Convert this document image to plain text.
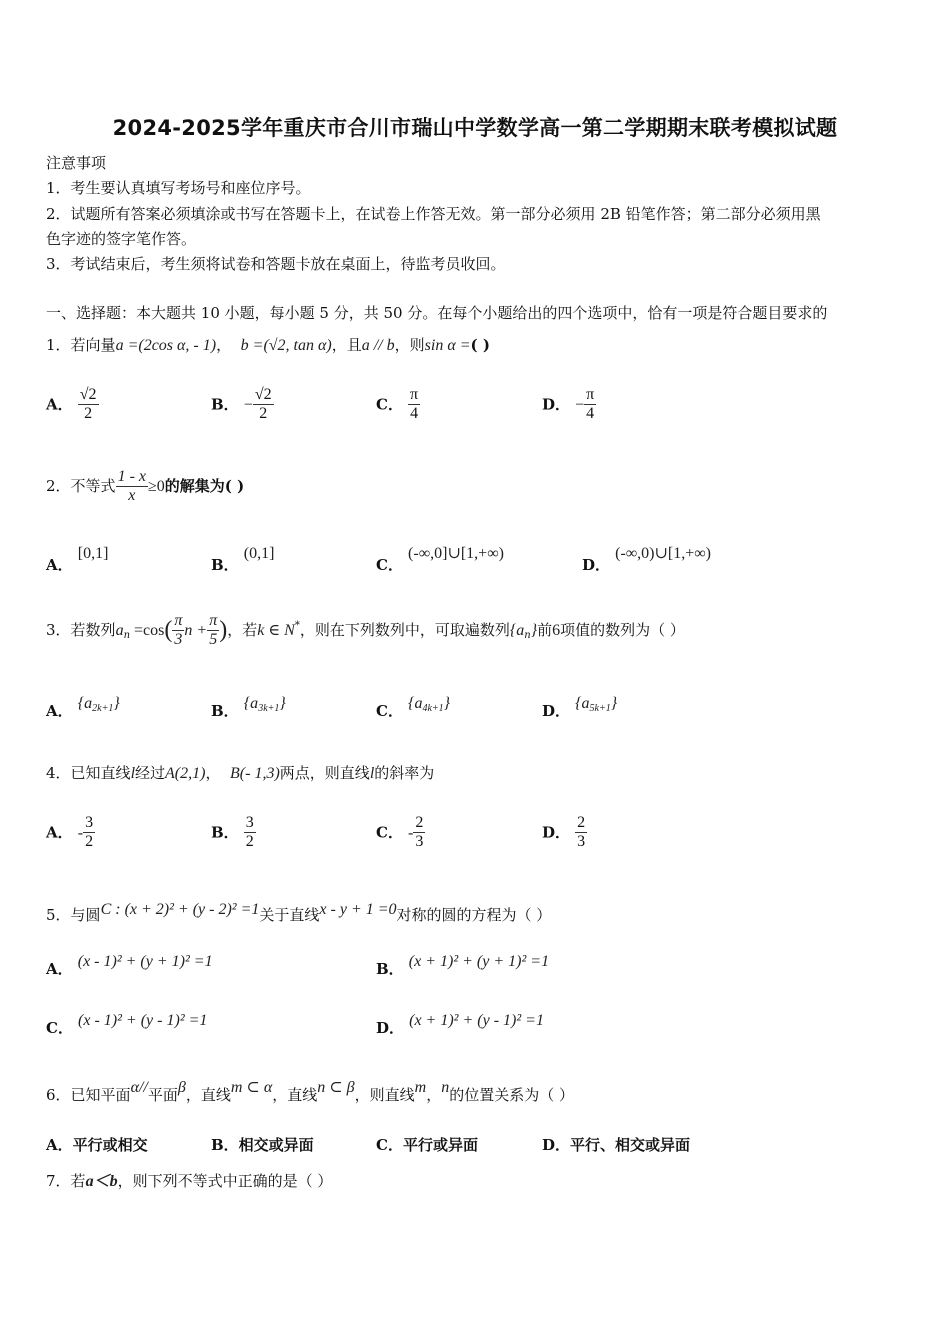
2024-2025学年重庆市合川市瑞山中学数学高一第二学期期末联考模拟试题
注意事项
1．考生要认真填写考场号和座位序号。
2．试题所有答案必须填涂或书写在答题卡上，在试卷上作答无效。第一部分必须用 2B 铅笔作答；第二部分必须用黑
色字迹的签字笔作答。
3．考试结束后，考生须将试卷和答题卡放在桌面上，待监考员收回。
一、选择题：本大题共 10 小题，每小题 5 分，共 50 分。在每个小题给出的四个选项中，恰有一项是符合题目要求的
1．若向量a =(2cos α, - 1)， b =(√2, tan α)，且a // b，则sin α =( )
A． $\frac{√2}{2}$	B． − $\frac{√2}{2}$	C． $\frac{\pi}{4}$	D． − $\frac{\pi}{4}$
2．不等式 $\frac{1 - x}{x} \ge 0$的解集为( )
A． [0,1]
B． (0,1]
C． (-∞,0]∪[1,+∞)
D． (-∞,0)∪[1,+∞)
3．若数列$a_n =\cos( \frac{\pi}{3}$ $n + \frac{\pi}{5}$ )，若k ∈ N*，则在下列数列中，可取遍数列$\{a_n\}$前6项值的数列为（ ）
A． $\{a_{2k+1}\}$	B． $\{a_{3k+1}\}$	C． $\{a_{4k+1}\}$	D． $\{a_{5k+1}\}$
4．已知直线l经过A(2,1)， B(- 1,3)两点，则直线l的斜率为
A． - $\frac{3}{2}$	B． $\frac{3}{2}$	C． - $\frac{2}{3}$	D． $\frac{2}{3}$
5．与圆C : (x + 2)² + (y - 2)² =1关于直线x - y + 1 =0对称的圆的方程为（ ）
A． (x - 1)² + (y + 1)² =1	B． (x + 1)² + (y + 1)² =1
C． (x - 1)² + (y - 1)² =1	D． (x + 1)² + (y - 1)² =1
6．已知平面α//平面β，直线m ⊂ α，直线n ⊂ β，则直线m，n的位置关系为（ ）
A．平行或相交	B．相交或异面	C．平行或异面	D．平行、相交或异面
7．若a＜b，则下列不等式中正确的是（ ）
